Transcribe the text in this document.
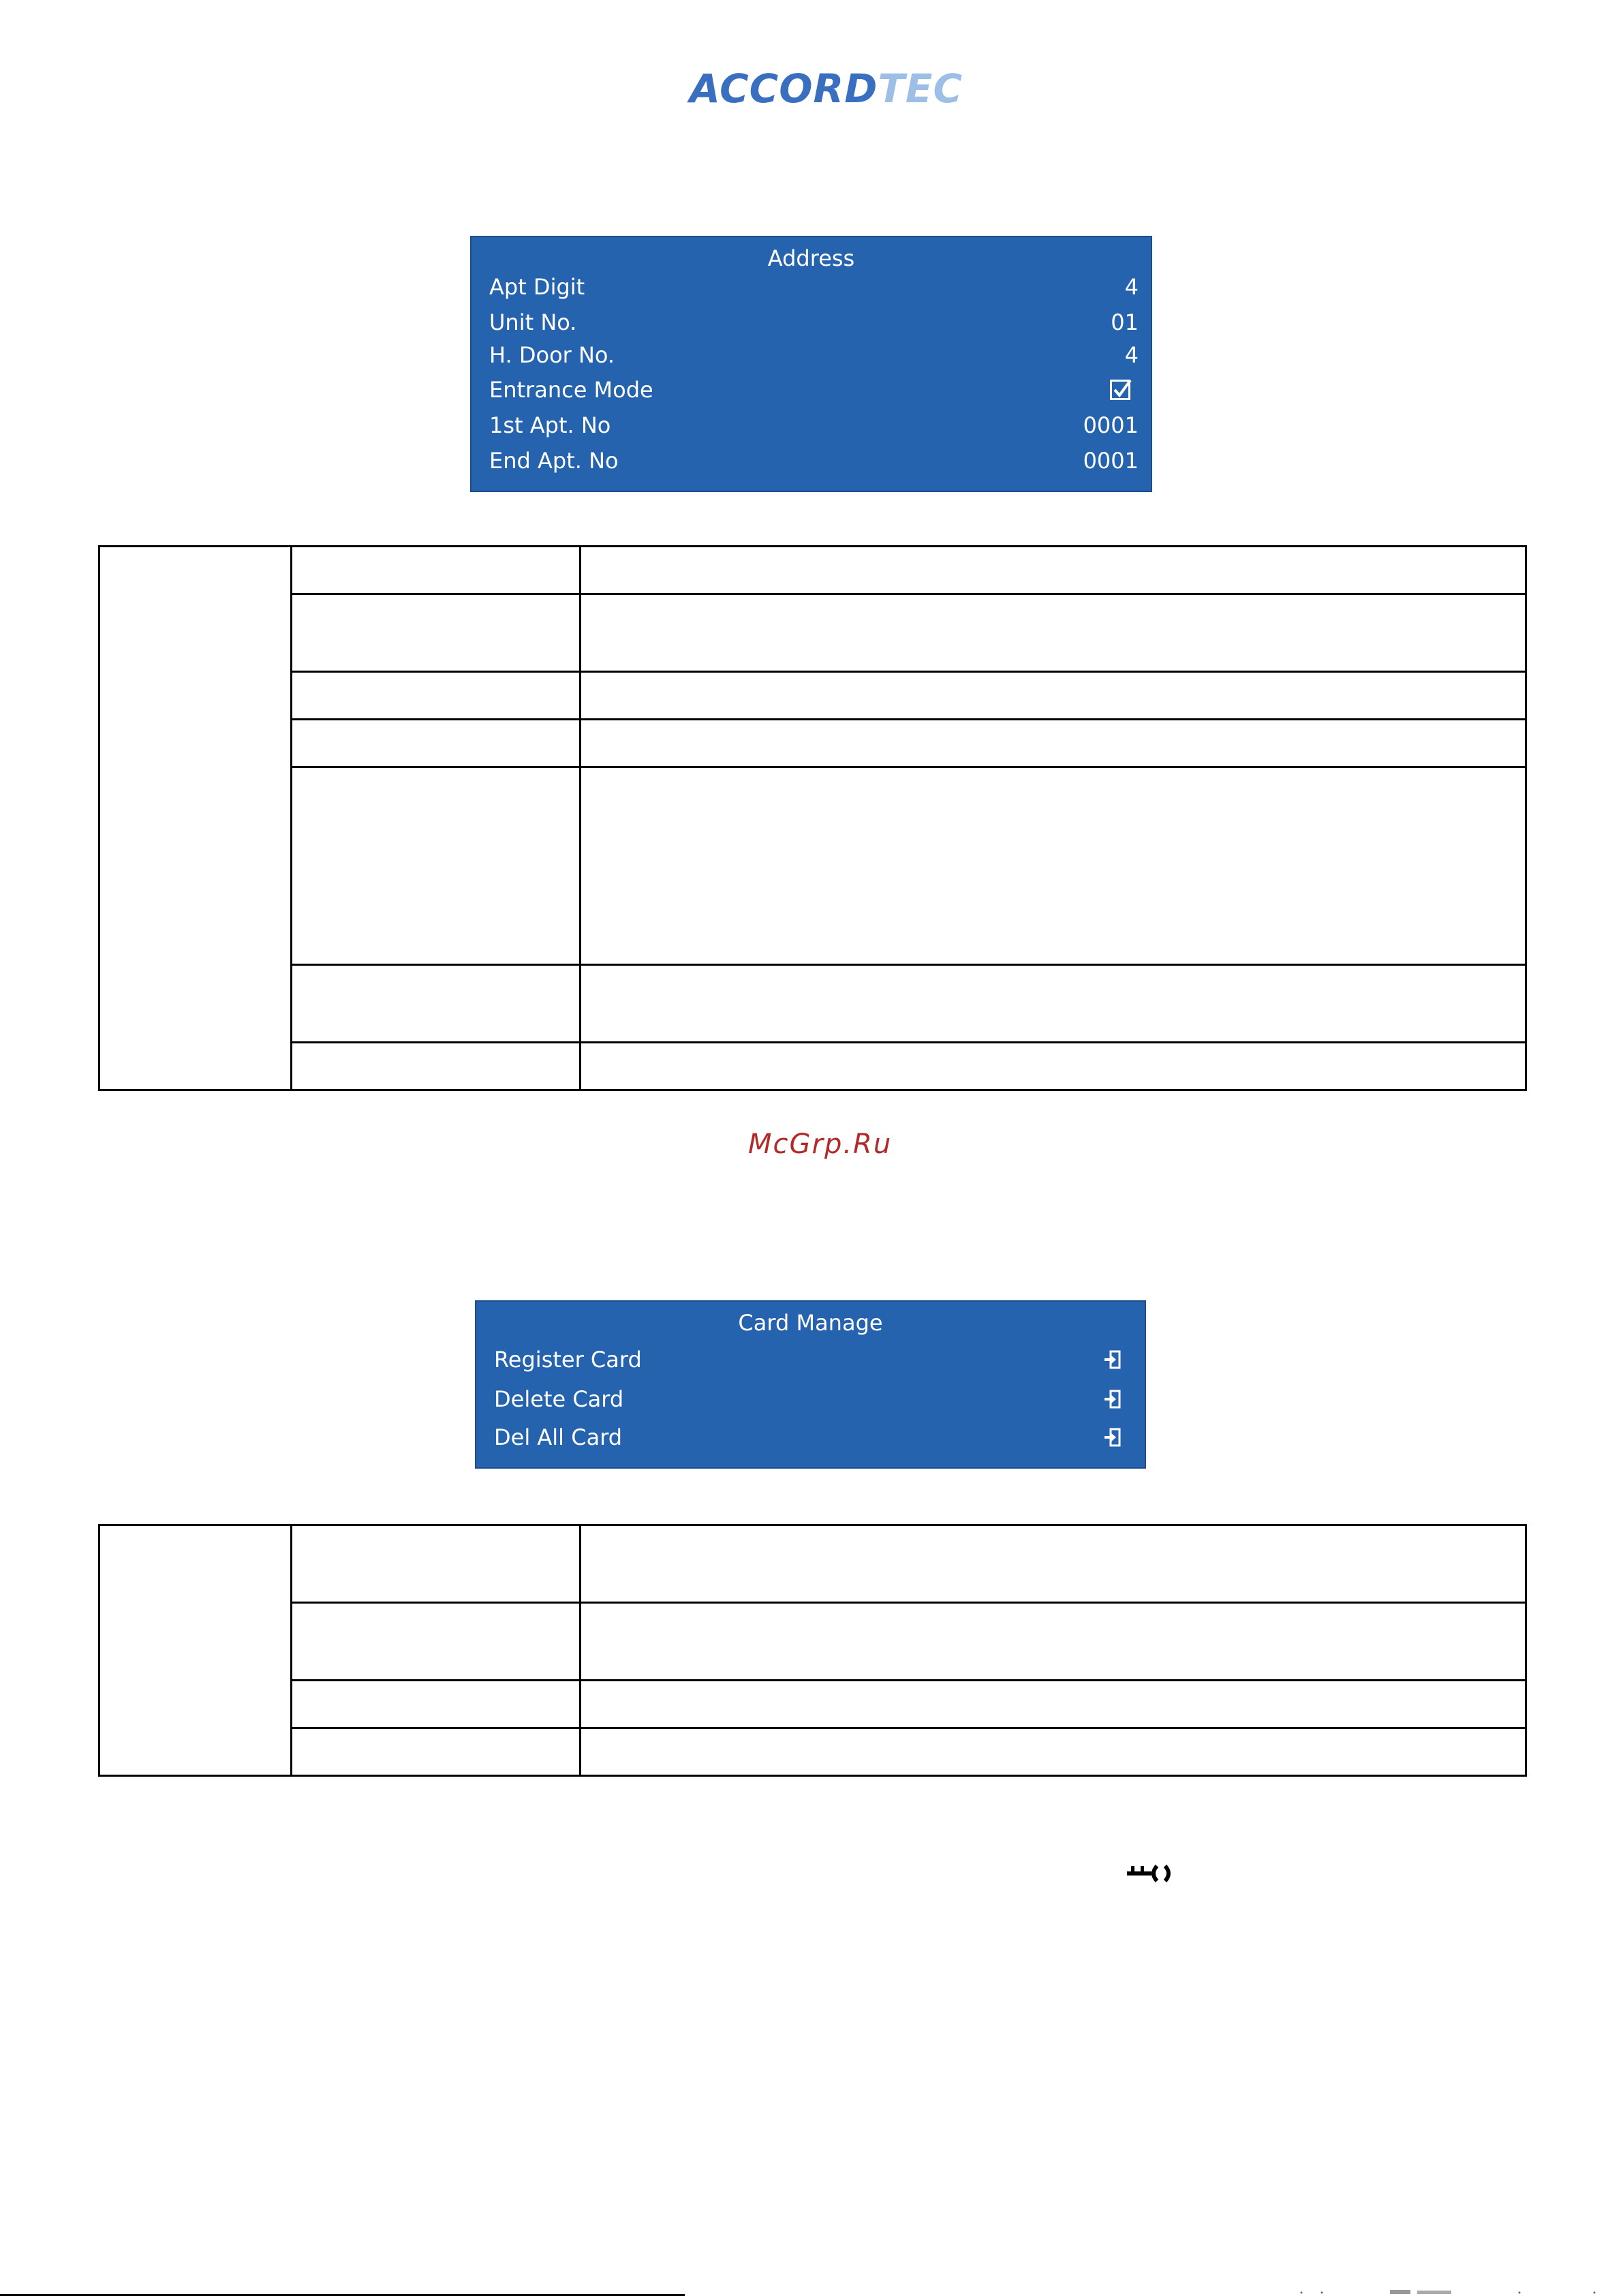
ACCORDTEC
Address
Apt Digit	4
Unit No.	01
H. Door No.	4
Entrance Mode
1st Apt. No	0001
End Apt. No	0001

McGrp.Ru
Card Manage
Register Card
Delete Card
Del All Card
